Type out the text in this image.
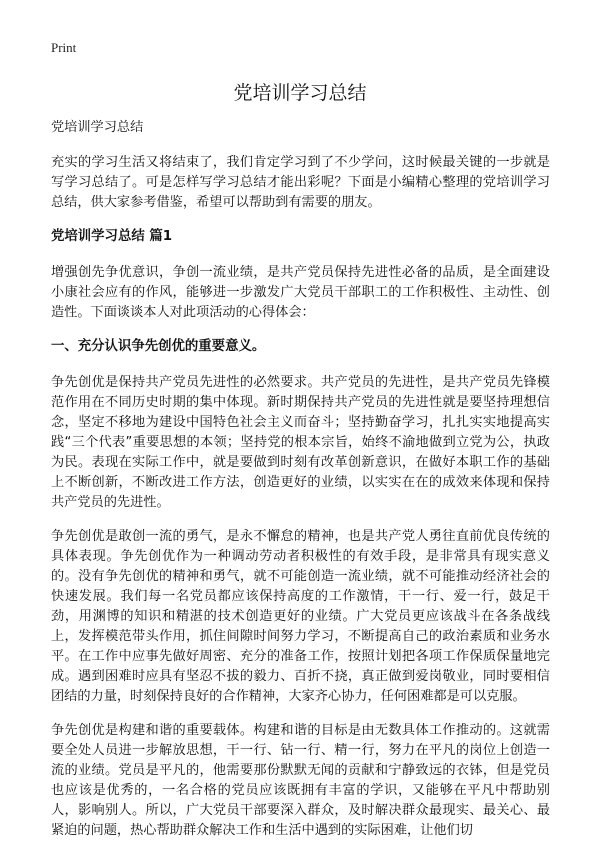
Print
党培训学习总结

党培训学习总结

充实的学习生活又将结束了，我们肯定学习到了不少学问，这时候最关键的一步就是写学习总结了。可是怎样写学习总结才能出彩呢？下面是小编精心整理的党培训学习总结，供大家参考借鉴，希望可以帮助到有需要的朋友。

党培训学习总结 篇1

增强创先争优意识，争创一流业绩，是共产党员保持先进性必备的品质，是全面建设小康社会应有的作风，能够进一步激发广大党员干部职工的工作积极性、主动性、创造性。下面谈谈本人对此项活动的心得体会：

一、充分认识争先创优的重要意义。

争先创优是保持共产党员先进性的必然要求。共产党员的先进性，是共产党员先锋模范作用在不同历史时期的集中体现。新时期保持共产党员的先进性就是要坚持理想信念，坚定不移地为建设中国特色社会主义而奋斗；坚持勤奋学习，扎扎实实地提高实践“三个代表”重要思想的本领；坚持党的根本宗旨，始终不渝地做到立党为公，执政为民。表现在实际工作中，就是要做到时刻有改革创新意识，在做好本职工作的基础上不断创新，不断改进工作方法，创造更好的业绩，以实实在在的成效来体现和保持共产党员的先进性。

争先创优是敢创一流的勇气，是永不懈怠的精神，也是共产党人勇往直前优良传统的具体表现。争先创优作为一种调动劳动者积极性的有效手段，是非常具有现实意义的。没有争先创优的精神和勇气，就不可能创造一流业绩，就不可能推动经济社会的快速发展。我们每一名党员都应该保持高度的工作激情，干一行、爱一行，鼓足干劲，用渊博的知识和精湛的技术创造更好的业绩。广大党员更应该战斗在各条战线上，发挥模范带头作用，抓住间隙时间努力学习，不断提高自己的政治素质和业务水平。在工作中应事先做好周密、充分的准备工作，按照计划把各项工作保质保量地完成。遇到困难时应具有坚忍不拔的毅力、百折不挠，真正做到爱岗敬业，同时要相信团结的力量，时刻保持良好的合作精神，大家齐心协力，任何困难都是可以克服。

争先创优是构建和谐的重要载体。构建和谐的目标是由无数具体工作推动的。这就需要全处人员进一步解放思想，干一行、钻一行、精一行，努力在平凡的岗位上创造一流的业绩。党员是平凡的，他需要那份默默无闻的贡献和宁静致远的衣钵，但是党员也应该是优秀的，一名合格的党员应该既拥有丰富的学识，又能够在平凡中帮助别人，影响别人。所以，广大党员干部要深入群众，及时解决群众最现实、最关心、最紧迫的问题，热心帮助群众解决工作和生活中遇到的实际困难，让他们切
